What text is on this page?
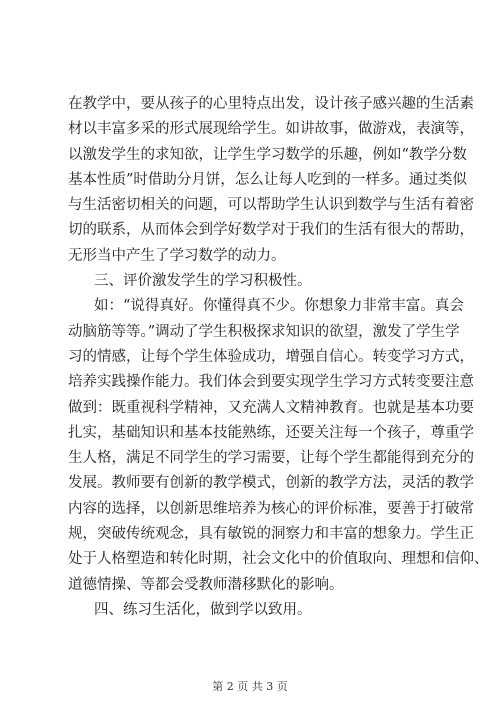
在教学中，要从孩子的心里特点出发，设计孩子感兴趣的生活素
材以丰富多采的形式展现给学生。如讲故事，做游戏，表演等，
以激发学生的求知欲，让学生学习数学的乐趣，例如“教学分数
基本性质”时借助分月饼，怎么让每人吃到的一样多。通过类似
与生活密切相关的问题，可以帮助学生认识到数学与生活有着密
切的联系，从而体会到学好数学对于我们的生活有很大的帮助，
无形当中产生了学习数学的动力。
三、评价激发学生的学习积极性。
如：“说得真好。你懂得真不少。你想象力非常丰富。真会
动脑筋等等。”调动了学生积极探求知识的欲望，激发了学生学
习的情感，让每个学生体验成功，增强自信心。转变学习方式，
培养实践操作能力。我们体会到要实现学生学习方式转变要注意
做到：既重视科学精神，又充满人文精神教育。也就是基本功要
扎实，基础知识和基本技能熟练，还要关注每一个孩子，尊重学
生人格，满足不同学生的学习需要，让每个学生都能得到充分的
发展。教师要有创新的教学模式，创新的教学方法，灵活的教学
内容的选择，以创新思维培养为核心的评价标准，要善于打破常
规，突破传统观念，具有敏锐的洞察力和丰富的想象力。学生正
处于人格塑造和转化时期，社会文化中的价值取向、理想和信仰、
道德情操、等都会受教师潜移默化的影响。
四、练习生活化，做到学以致用。
第 2 页 共 3 页
